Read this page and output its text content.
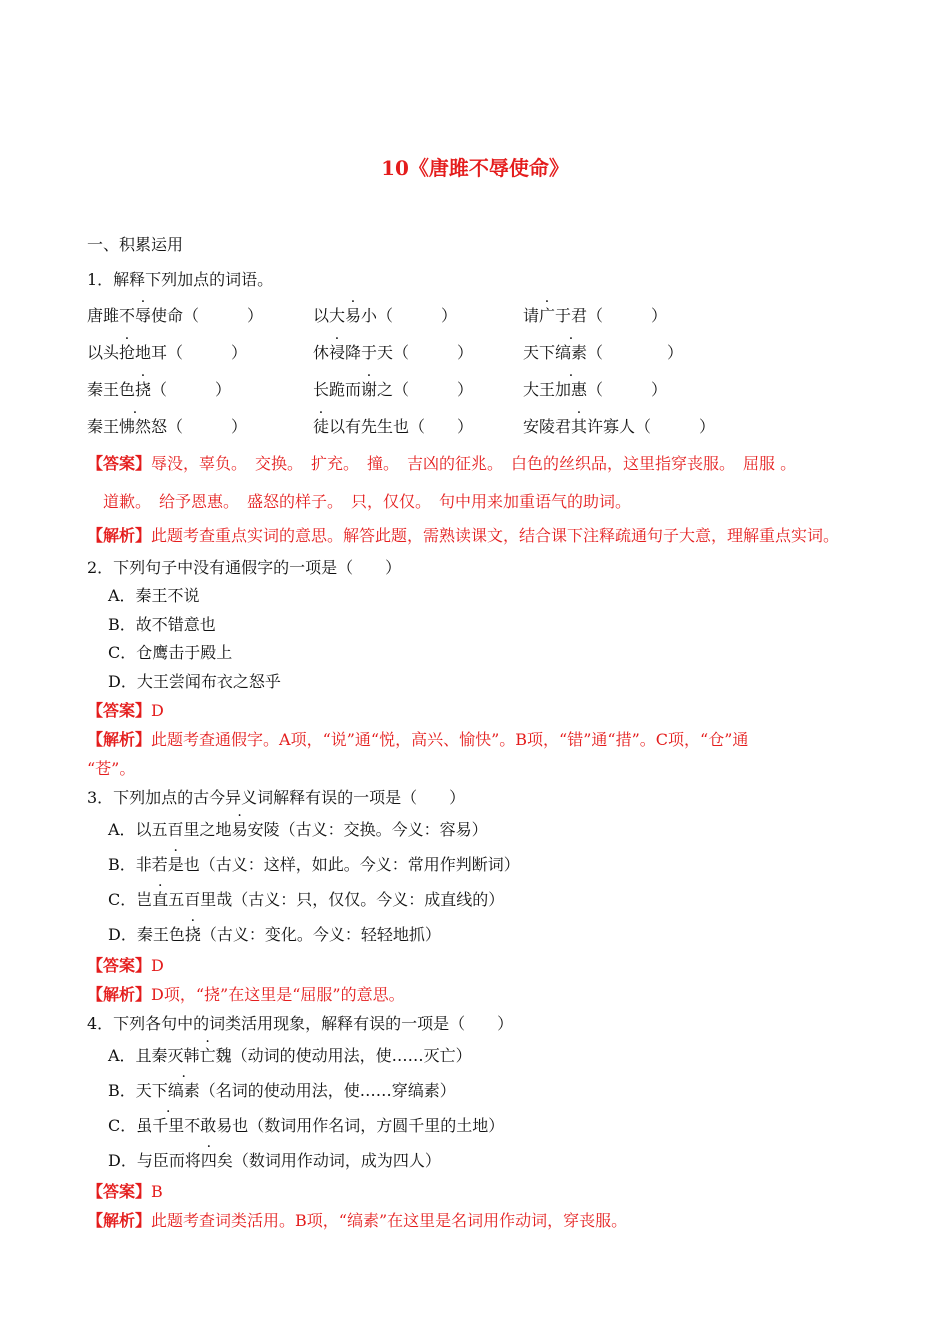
10《唐雎不辱使命》
一、积累运用
1．解释下列加点的词语。
唐雎不辱使命（　　　）	以大易小（　　　）	请广于君（　　　）
以头抢地耳（　　　）	休祲降于天（　　　）	天下缟素（　　　　）
秦王色挠（　　　）	长跪而谢之（　　　）	大王加惠（　　　）
秦王怫然怒（　　　）	徒以有先生也（　　）	安陵君其许寡人（　　　）
【答案】辱没，辜负。　交换。　扩充。　撞。　吉凶的征兆。　白色的丝织品，这里指穿丧服。　屈服 。
道歉。　给予恩惠。　盛怒的样子。　只，仅仅。　句中用来加重语气的助词。
【解析】此题考查重点实词的意思。解答此题，需熟读课文，结合课下注释疏通句子大意，理解重点实词。
2．下列句子中没有通假字的一项是（　　）
A．秦王不说
B．故不错意也
C．仓鹰击于殿上
D．大王尝闻布衣之怒乎
【答案】D
【解析】此题考查通假字。A项，“说”通“悦，高兴、愉快”。B项，“错”通“措”。C项，“仓”通
“苍”。
3．下列加点的古今异义词解释有误的一项是（　　）
A．以五百里之地易安陵（古义：交换。今义：容易）
B．非若是也（古义：这样，如此。今义：常用作判断词）
C．岂直五百里哉（古义：只，仅仅。今义：成直线的）
D．秦王色挠（古义：变化。今义：轻轻地抓）
【答案】D
【解析】D项，“挠”在这里是“屈服”的意思。
4．下列各句中的词类活用现象，解释有误的一项是（　　）
A．且秦灭韩亡魏（动词的使动用法，使……灭亡）
B．天下缟素（名词的使动用法，使……穿缟素）
C．虽千里不敢易也（数词用作名词，方圆千里的土地）
D．与臣而将四矣（数词用作动词，成为四人）
【答案】B
【解析】此题考查词类活用。B项，“缟素”在这里是名词用作动词，穿丧服。
